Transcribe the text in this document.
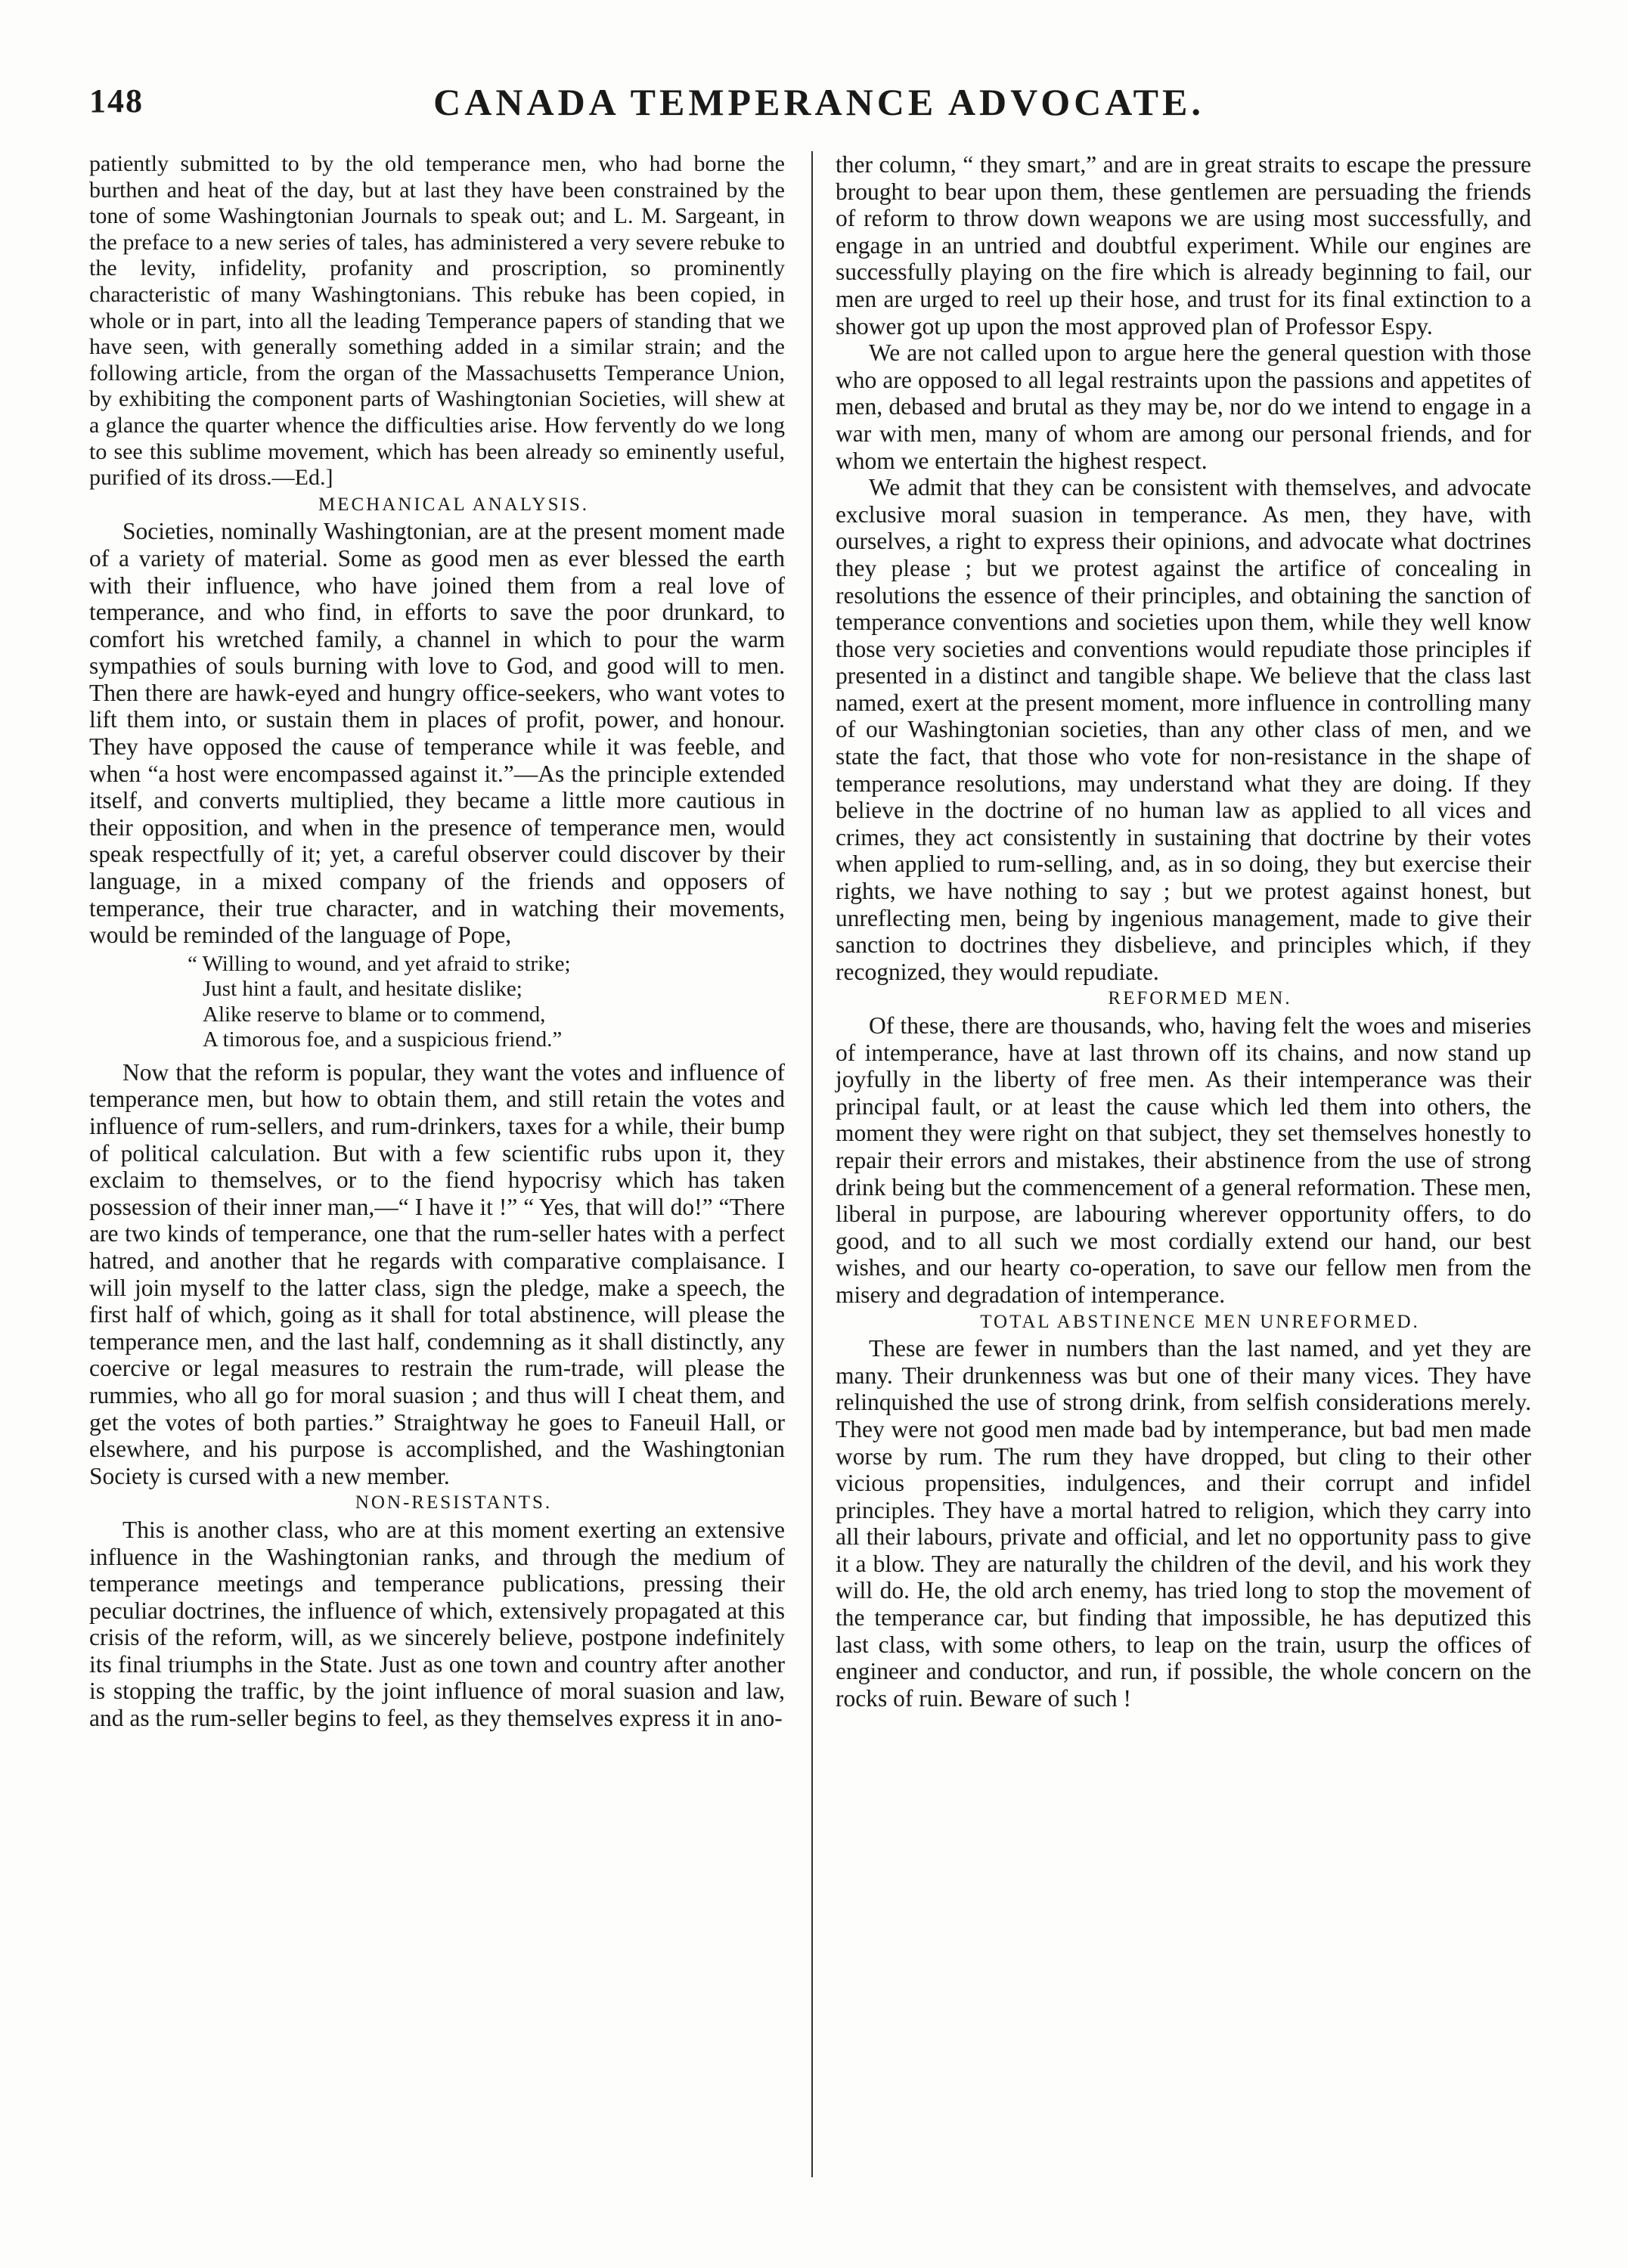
148	CANADA TEMPERANCE ADVOCATE.

patiently submitted to by the old temperance men, who had borne the burthen and heat of the day, but at last they have been constrained by the tone of some Washingtonian Journals to speak out; and L. M. Sargeant, in the preface to a new series of tales, has administered a very severe rebuke to the levity, infidelity, profanity and proscription, so prominently characteristic of many Washingtonians. This rebuke has been copied, in whole or in part, into all the leading Temperance papers of standing that we have seen, with generally something added in a similar strain; and the following article, from the organ of the Massachusetts Temperance Union, by exhibiting the component parts of Washingtonian Societies, will shew at a glance the quarter whence the difficulties arise. How fervently do we long to see this sublime movement, which has been already so eminently useful, purified of its dross.—Ed.]

MECHANICAL ANALYSIS.

Societies, nominally Washingtonian, are at the present moment made of a variety of material. Some as good men as ever blessed the earth with their influence, who have joined them from a real love of temperance, and who find, in efforts to save the poor drunkard, to comfort his wretched family, a channel in which to pour the warm sympathies of souls burning with love to God, and good will to men. Then there are hawk-eyed and hungry office-seekers, who want votes to lift them into, or sustain them in places of profit, power, and honour. They have opposed the cause of temperance while it was feeble, and when “a host were encompassed against it.”—As the principle extended itself, and converts multiplied, they became a little more cautious in their opposition, and when in the presence of temperance men, would speak respectfully of it; yet, a careful observer could discover by their language, in a mixed company of the friends and opposers of temperance, their true character, and in watching their movements, would be reminded of the language of Pope,

“ Willing to wound, and yet afraid to strike;
Just hint a fault, and hesitate dislike;
Alike reserve to blame or to commend,
A timorous foe, and a suspicious friend.”

Now that the reform is popular, they want the votes and influence of temperance men, but how to obtain them, and still retain the votes and influence of rum-sellers, and rum-drinkers, taxes for a while, their bump of political calculation. But with a few scientific rubs upon it, they exclaim to themselves, or to the fiend hypocrisy which has taken possession of their inner man,—“ I have it !” “ Yes, that will do!” “There are two kinds of temperance, one that the rum-seller hates with a perfect hatred, and another that he regards with comparative complaisance. I will join myself to the latter class, sign the pledge, make a speech, the first half of which, going as it shall for total abstinence, will please the temperance men, and the last half, condemning as it shall distinctly, any coercive or legal measures to restrain the rum-trade, will please the rummies, who all go for moral suasion ; and thus will I cheat them, and get the votes of both parties.” Straightway he goes to Faneuil Hall, or elsewhere, and his purpose is accomplished, and the Washingtonian Society is cursed with a new member.

NON-RESISTANTS.

This is another class, who are at this moment exerting an extensive influence in the Washingtonian ranks, and through the medium of temperance meetings and temperance publications, pressing their peculiar doctrines, the influence of which, extensively propagated at this crisis of the reform, will, as we sincerely believe, postpone indefinitely its final triumphs in the State. Just as one town and country after another is stopping the traffic, by the joint influence of moral suasion and law, and as the rum-seller begins to feel, as they themselves express it in ano-

ther column, “ they smart,” and are in great straits to escape the pressure brought to bear upon them, these gentlemen are persuading the friends of reform to throw down weapons we are using most successfully, and engage in an untried and doubtful experiment. While our engines are successfully playing on the fire which is already beginning to fail, our men are urged to reel up their hose, and trust for its final extinction to a shower got up upon the most approved plan of Professor Espy.

We are not called upon to argue here the general question with those who are opposed to all legal restraints upon the passions and appetites of men, debased and brutal as they may be, nor do we intend to engage in a war with men, many of whom are among our personal friends, and for whom we entertain the highest respect.

We admit that they can be consistent with themselves, and advocate exclusive moral suasion in temperance. As men, they have, with ourselves, a right to express their opinions, and advocate what doctrines they please ; but we protest against the artifice of concealing in resolutions the essence of their principles, and obtaining the sanction of temperance conventions and societies upon them, while they well know those very societies and conventions would repudiate those principles if presented in a distinct and tangible shape. We believe that the class last named, exert at the present moment, more influence in controlling many of our Washingtonian societies, than any other class of men, and we state the fact, that those who vote for non-resistance in the shape of temperance resolutions, may understand what they are doing. If they believe in the doctrine of no human law as applied to all vices and crimes, they act consistently in sustaining that doctrine by their votes when applied to rum-selling, and, as in so doing, they but exercise their rights, we have nothing to say ; but we protest against honest, but unreflecting men, being by ingenious management, made to give their sanction to doctrines they disbelieve, and principles which, if they recognized, they would repudiate.

REFORMED MEN.

Of these, there are thousands, who, having felt the woes and miseries of intemperance, have at last thrown off its chains, and now stand up joyfully in the liberty of free men. As their intemperance was their principal fault, or at least the cause which led them into others, the moment they were right on that subject, they set themselves honestly to repair their errors and mistakes, their abstinence from the use of strong drink being but the commencement of a general reformation. These men, liberal in purpose, are labouring wherever opportunity offers, to do good, and to all such we most cordially extend our hand, our best wishes, and our hearty co-operation, to save our fellow men from the misery and degradation of intemperance.

TOTAL ABSTINENCE MEN UNREFORMED.

These are fewer in numbers than the last named, and yet they are many. Their drunkenness was but one of their many vices. They have relinquished the use of strong drink, from selfish considerations merely. They were not good men made bad by intemperance, but bad men made worse by rum. The rum they have dropped, but cling to their other vicious propensities, indulgences, and their corrupt and infidel principles. They have a mortal hatred to religion, which they carry into all their labours, private and official, and let no opportunity pass to give it a blow. They are naturally the children of the devil, and his work they will do. He, the old arch enemy, has tried long to stop the movement of the temperance car, but finding that impossible, he has deputized this last class, with some others, to leap on the train, usurp the offices of engineer and conductor, and run, if possible, the whole concern on the rocks of ruin. Beware of such !
